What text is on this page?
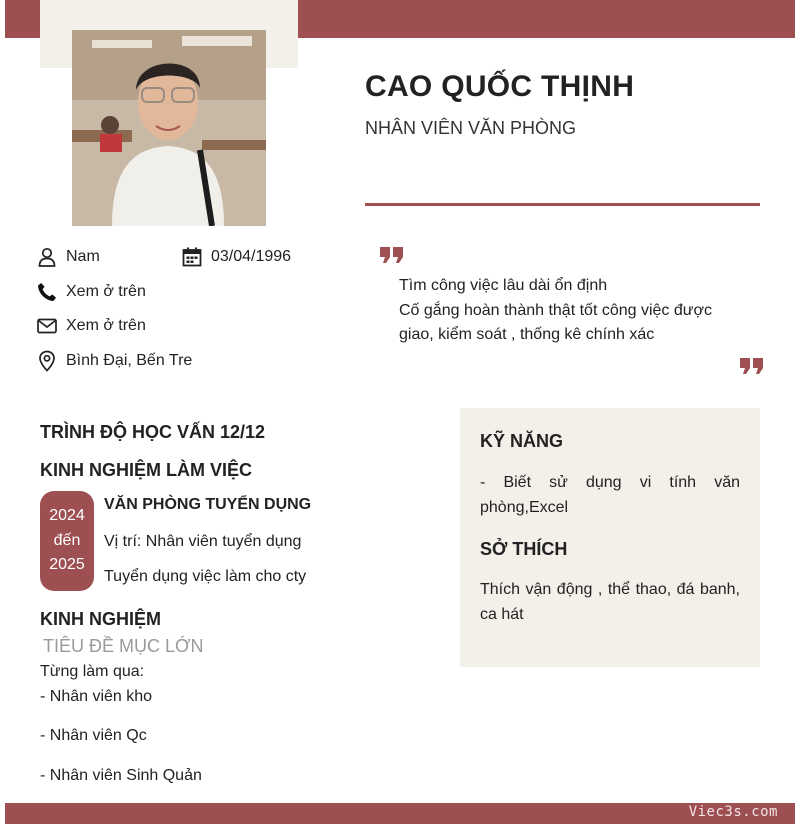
CAO QUỐC THỊNH
NHÂN VIÊN VĂN PHÒNG
Nam	03/04/1996
Xem ở trên
Xem ở trên
Bình Đại, Bến Tre
Tìm công việc lâu dài ổn định
Cố gắng hoàn thành thật tốt công việc được
giao, kiểm soát , thống kê chính xác
TRÌNH ĐỘ HỌC VẤN 12/12
KINH NGHIỆM LÀM VIỆC
2024
đến
2025
VĂN PHÒNG TUYỂN DỤNG
Vị trí: Nhân viên tuyển dụng
Tuyển dụng việc làm cho cty
KINH NGHIỆM
TIÊU ĐỀ MỤC LỚN
Từng làm qua:
- Nhân viên kho
- Nhân viên Qc
- Nhân viên Sinh Quản
KỸ NĂNG
- Biết sử dụng vi tính văn phòng,Excel
SỞ THÍCH
Thích vận động , thể thao, đá banh, ca hát
Viec3s.com
